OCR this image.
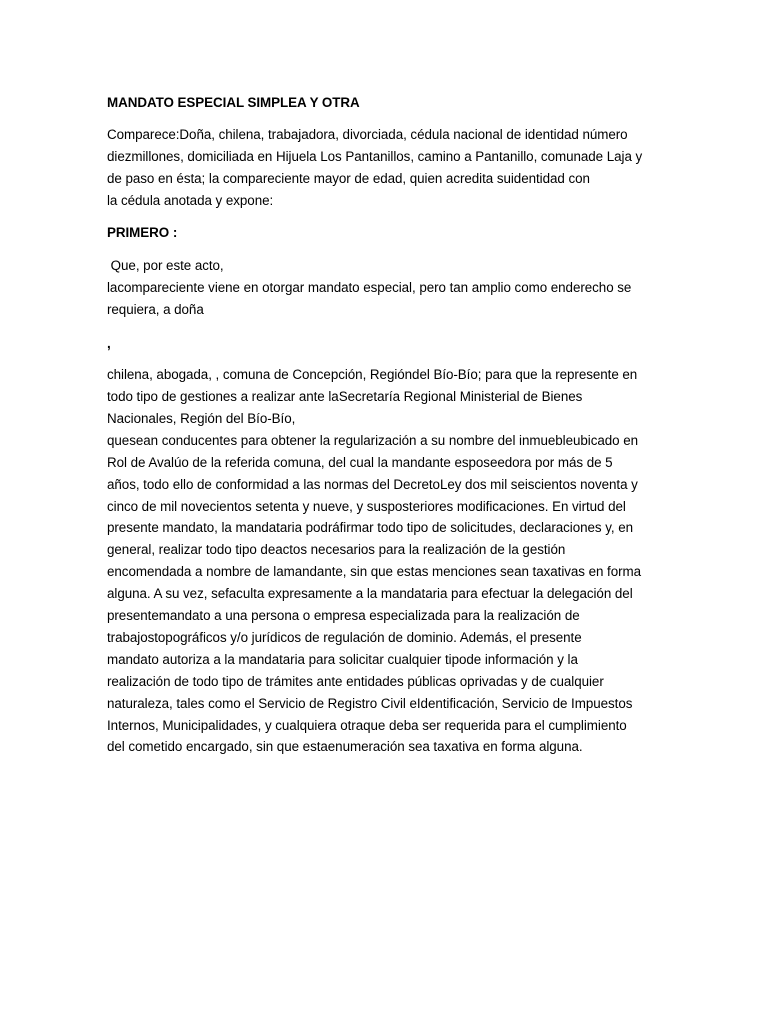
MANDATO ESPECIAL SIMPLEA Y OTRA
Comparece:Doña, chilena, trabajadora, divorciada, cédula nacional de identidad número
diezmillones, domiciliada en Hijuela Los Pantanillos, camino a Pantanillo, comunade Laja y
de paso en ésta; la compareciente mayor de edad, quien acredita suidentidad con
la cédula anotada y expone:
PRIMERO :
Que, por este acto,
lacompareciente viene en otorgar mandato especial, pero tan amplio como enderecho se
requiera, a doña
,
chilena, abogada, , comuna de Concepción, Regióndel Bío-Bío; para que la represente en
todo tipo de gestiones a realizar ante laSecretaría Regional Ministerial de Bienes
Nacionales, Región del Bío-Bío,
quesean conducentes para obtener la regularización a su nombre del inmuebleubicado en
Rol de Avalúo de la referida comuna, del cual la mandante esposeedora por más de 5
años, todo ello de conformidad a las normas del DecretoLey dos mil seiscientos noventa y
cinco de mil novecientos setenta y nueve, y susposteriores modificaciones. En virtud del
presente mandato, la mandataria podráfirmar todo tipo de solicitudes, declaraciones y, en
general, realizar todo tipo deactos necesarios para la realización de la gestión
encomendada a nombre de lamandante, sin que estas menciones sean taxativas en forma
alguna. A su vez, sefaculta expresamente a la mandataria para efectuar la delegación del
presentemandato a una persona o empresa especializada para la realización de
trabajostopográficos y/o jurídicos de regulación de dominio. Además, el presente
mandato autoriza a la mandataria para solicitar cualquier tipode información y la
realización de todo tipo de trámites ante entidades públicas oprivadas y de cualquier
naturaleza, tales como el Servicio de Registro Civil eIdentificación, Servicio de Impuestos
Internos, Municipalidades, y cualquiera otraque deba ser requerida para el cumplimiento
del cometido encargado, sin que estaenumeración sea taxativa en forma alguna.
